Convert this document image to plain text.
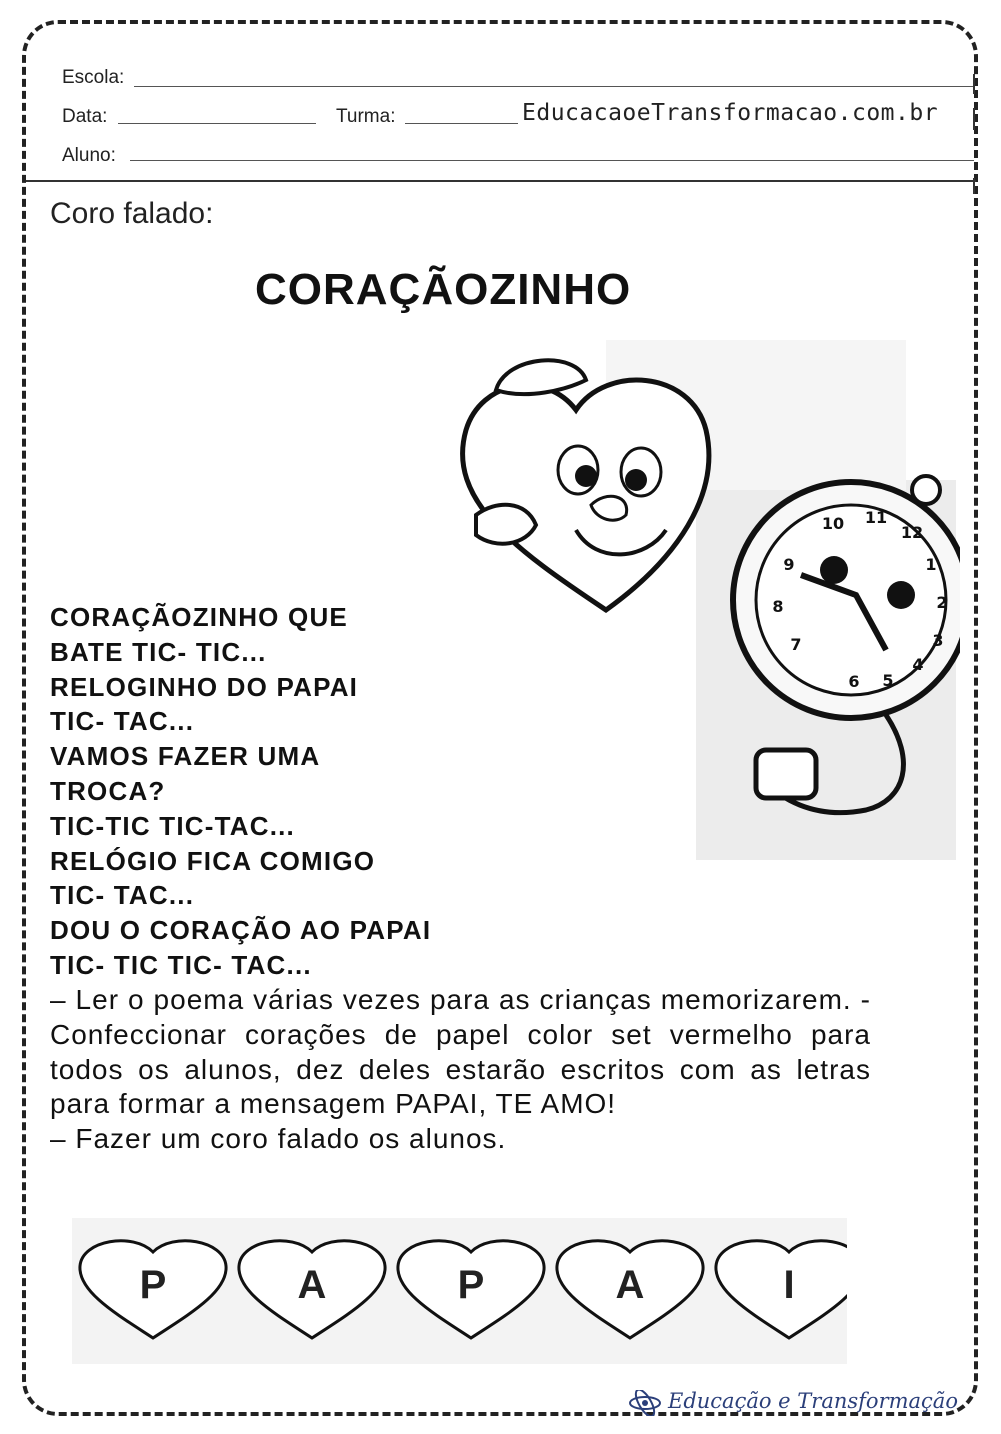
Escola:
Data:	Turma:	EducacaoeTransformacao.com.br
Aluno:
Coro falado:
CORAÇÃOZINHO
12
1
2
3
4
5
6
7
8
9
10 11
CORAÇÃOZINHO QUE
BATE TIC- TIC...
RELOGINHO DO PAPAI
TIC- TAC...
VAMOS FAZER UMA
TROCA?
TIC-TIC TIC-TAC...
RELÓGIO FICA COMIGO
TIC- TAC...
DOU O CORAÇÃO AO PAPAI
TIC- TIC TIC- TAC...

– Ler o poema várias vezes para as crianças memorizarem. - Confeccionar corações de papel color set vermelho para todos os alunos, dez deles estarão escritos com as letras para formar a mensagem PAPAI, TE AMO!

– Fazer um coro falado os alunos.

P	A	P	A	I
Educação e Transformação
